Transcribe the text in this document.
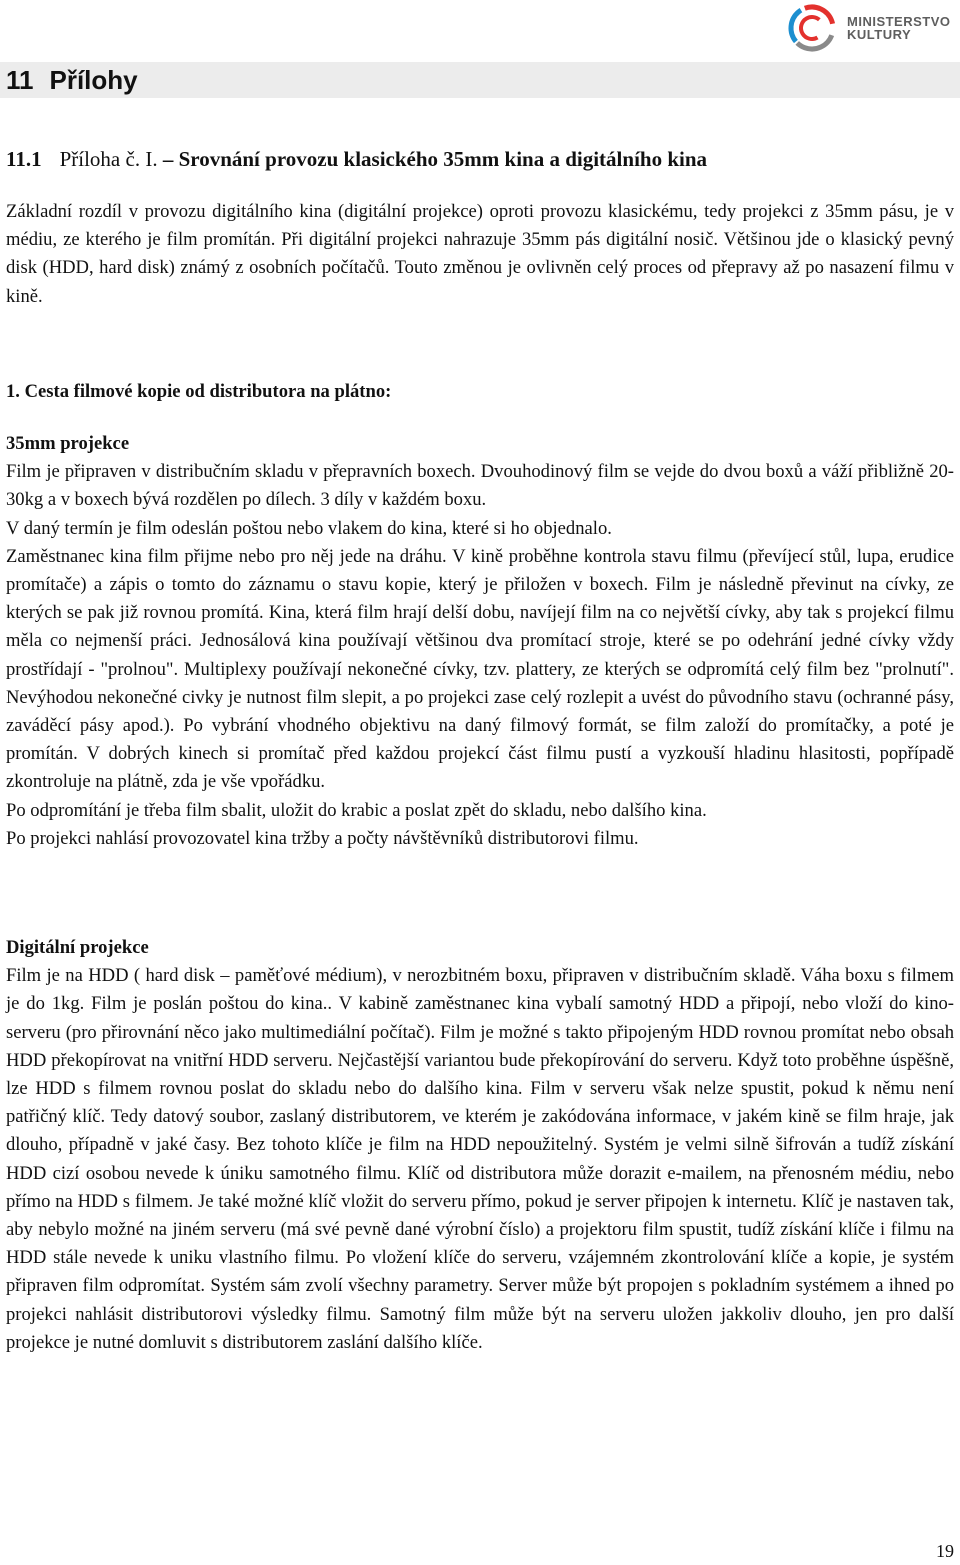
MINISTERSTVO
KULTURY
11 Přílohy
11.1 Příloha č. I. – Srovnání provozu klasického 35mm kina a digitálního kina

Základní rozdíl v provozu digitálního kina (digitální projekce) oproti provozu klasickému, tedy projekci z 35mm pásu, je v médiu, ze kterého je film promítán. Při digitální projekci nahrazuje 35mm pás digitální nosič. Většinou jde o klasický pevný disk (HDD, hard disk) známý z osobních počítačů. Touto změnou je ovlivněn celý proces od přepravy až po nasazení filmu v kině.

1. Cesta filmové kopie od distributora na plátno:

35mm projekce

Film je připraven v distribučním skladu v přepravních boxech. Dvouhodinový film se vejde do dvou boxů a váží přibližně 20-30kg a v boxech bývá rozdělen po dílech. 3 díly v každém boxu.

V daný termín je film odeslán poštou nebo vlakem do kina, které si ho objednalo.

Zaměstnanec kina film přijme nebo pro něj jede na dráhu. V kině proběhne kontrola stavu filmu (převíjecí stůl, lupa, erudice promítače) a zápis o tomto do záznamu o stavu kopie, který je přiložen v boxech. Film je následně převinut na cívky, ze kterých se pak již rovnou promítá. Kina, která film hrají delší dobu, navíjejí film na co největší cívky, aby tak s projekcí filmu měla co nejmenší práci. Jednosálová kina používají většinou dva promítací stroje, které se po odehrání jedné cívky vždy prostřídají - "prolnou". Multiplexy používají nekonečné cívky, tzv. plattery, ze kterých se odpromítá celý film bez "prolnutí". Nevýhodou nekonečné civky je nutnost film slepit, a po projekci zase celý rozlepit a uvést do původního stavu (ochranné pásy, zaváděcí pásy apod.). Po vybrání vhodného objektivu na daný filmový formát, se film založí do promítačky, a poté je promítán. V dobrých kinech si promítač před každou projekcí část filmu pustí a vyzkouší hladinu hlasitosti, popřípadě zkontroluje na plátně, zda je vše vpořádku.

Po odpromítání je třeba film sbalit, uložit do krabic a poslat zpět do skladu, nebo dalšího kina.

Po projekci nahlásí provozovatel kina tržby a počty návštěvníků distributorovi filmu.

Digitální projekce

Film je na HDD ( hard disk – paměťové médium), v nerozbitném boxu, připraven v distribučním skladě. Váha boxu s filmem je do 1kg. Film je poslán poštou do kina.. V kabině zaměstnanec kina vybalí samotný HDD a připojí, nebo vloží do kino-serveru (pro přirovnání něco jako multimediální počítač). Film je možné s takto připojeným HDD rovnou promítat nebo obsah HDD překopírovat na vnitřní HDD serveru. Nejčastější variantou bude překopírování do serveru. Když toto proběhne úspěšně, lze HDD s filmem rovnou poslat do skladu nebo do dalšího kina. Film v serveru však nelze spustit, pokud k němu není patřičný klíč. Tedy datový soubor, zaslaný distributorem, ve kterém je zakódována informace, v jakém kině se film hraje, jak dlouho, případně v jaké časy. Bez tohoto klíče je film na HDD nepoužitelný. Systém je velmi silně šifrován a tudíž získání HDD cizí osobou nevede k úniku samotného filmu. Klíč od distributora může dorazit e-mailem, na přenosném médiu, nebo přímo na HDD s filmem. Je také možné klíč vložit do serveru přímo, pokud je server připojen k internetu. Klíč je nastaven tak, aby nebylo možné na jiném serveru (má své pevně dané výrobní číslo) a projektoru film spustit, tudíž získání klíče i filmu na HDD stále nevede k uniku vlastního filmu. Po vložení klíče do serveru, vzájemném zkontrolování klíče a kopie, je systém připraven film odpromítat. Systém sám zvolí všechny parametry. Server může být propojen s pokladním systémem a ihned po projekci nahlásit distributorovi výsledky filmu. Samotný film může být na serveru uložen jakkoliv dlouho, jen pro další projekce je nutné domluvit s distributorem zaslání dalšího klíče.

19
